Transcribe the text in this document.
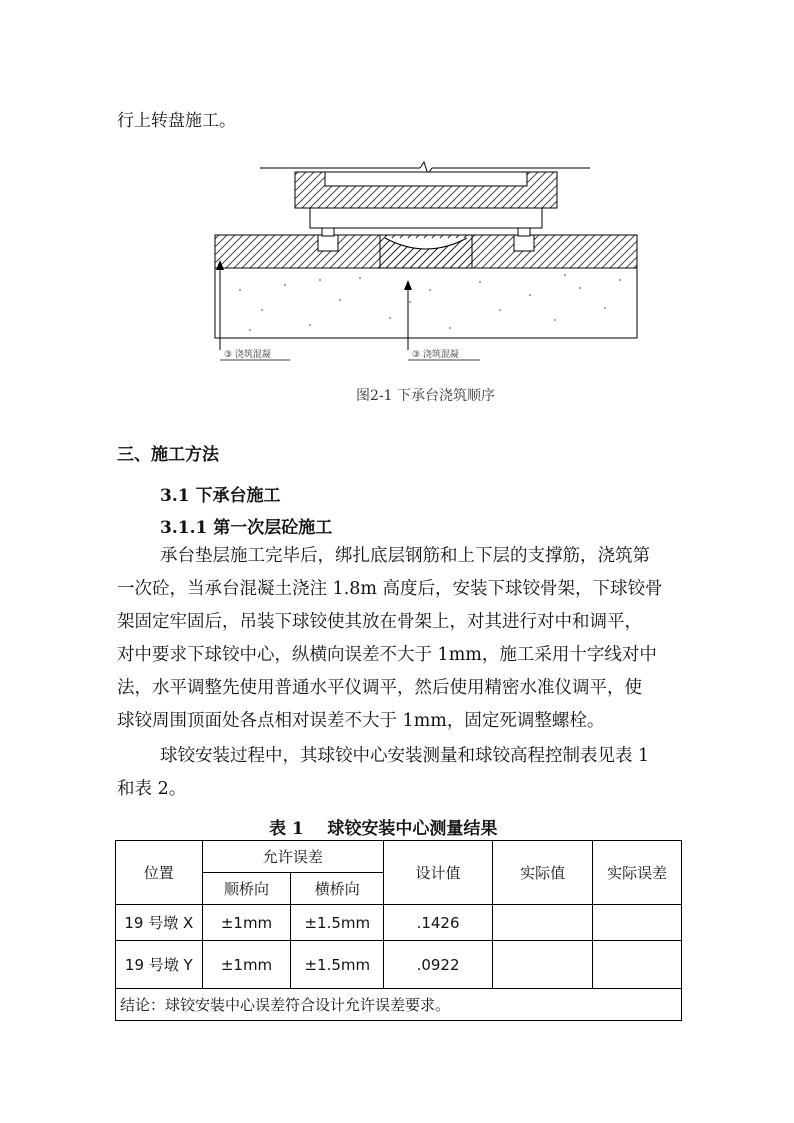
行上转盘施工。
③ 浇筑混凝	③ 浇筑混凝
图2-1 下承台浇筑顺序
三、施工方法
3.1 下承台施工
3.1.1 第一次层砼施工
承台垫层施工完毕后，绑扎底层钢筋和上下层的支撑筋，浇筑第
一次砼，当承台混凝土浇注 1.8m 高度后，安装下球铰骨架，下球铰骨
架固定牢固后，吊装下球铰使其放在骨架上，对其进行对中和调平，
对中要求下球铰中心，纵横向误差不大于 1mm，施工采用十字线对中
法，水平调整先使用普通水平仪调平，然后使用精密水准仪调平，使
球铰周围顶面处各点相对误差不大于 1mm，固定死调整螺栓。
球铰安装过程中，其球铰中心安装测量和球铰高程控制表见表 1
和表 2。
表 1    球铰安装中心测量结果
位置	允许误差		设计值	实际值	实际误差
	顺桥向	横桥向			
19 号墩 X	±1mm	±1.5mm	.1426		
19 号墩 Y	±1mm	±1.5mm	.0922		
结论：球铰安装中心误差符合设计允许误差要求。					
